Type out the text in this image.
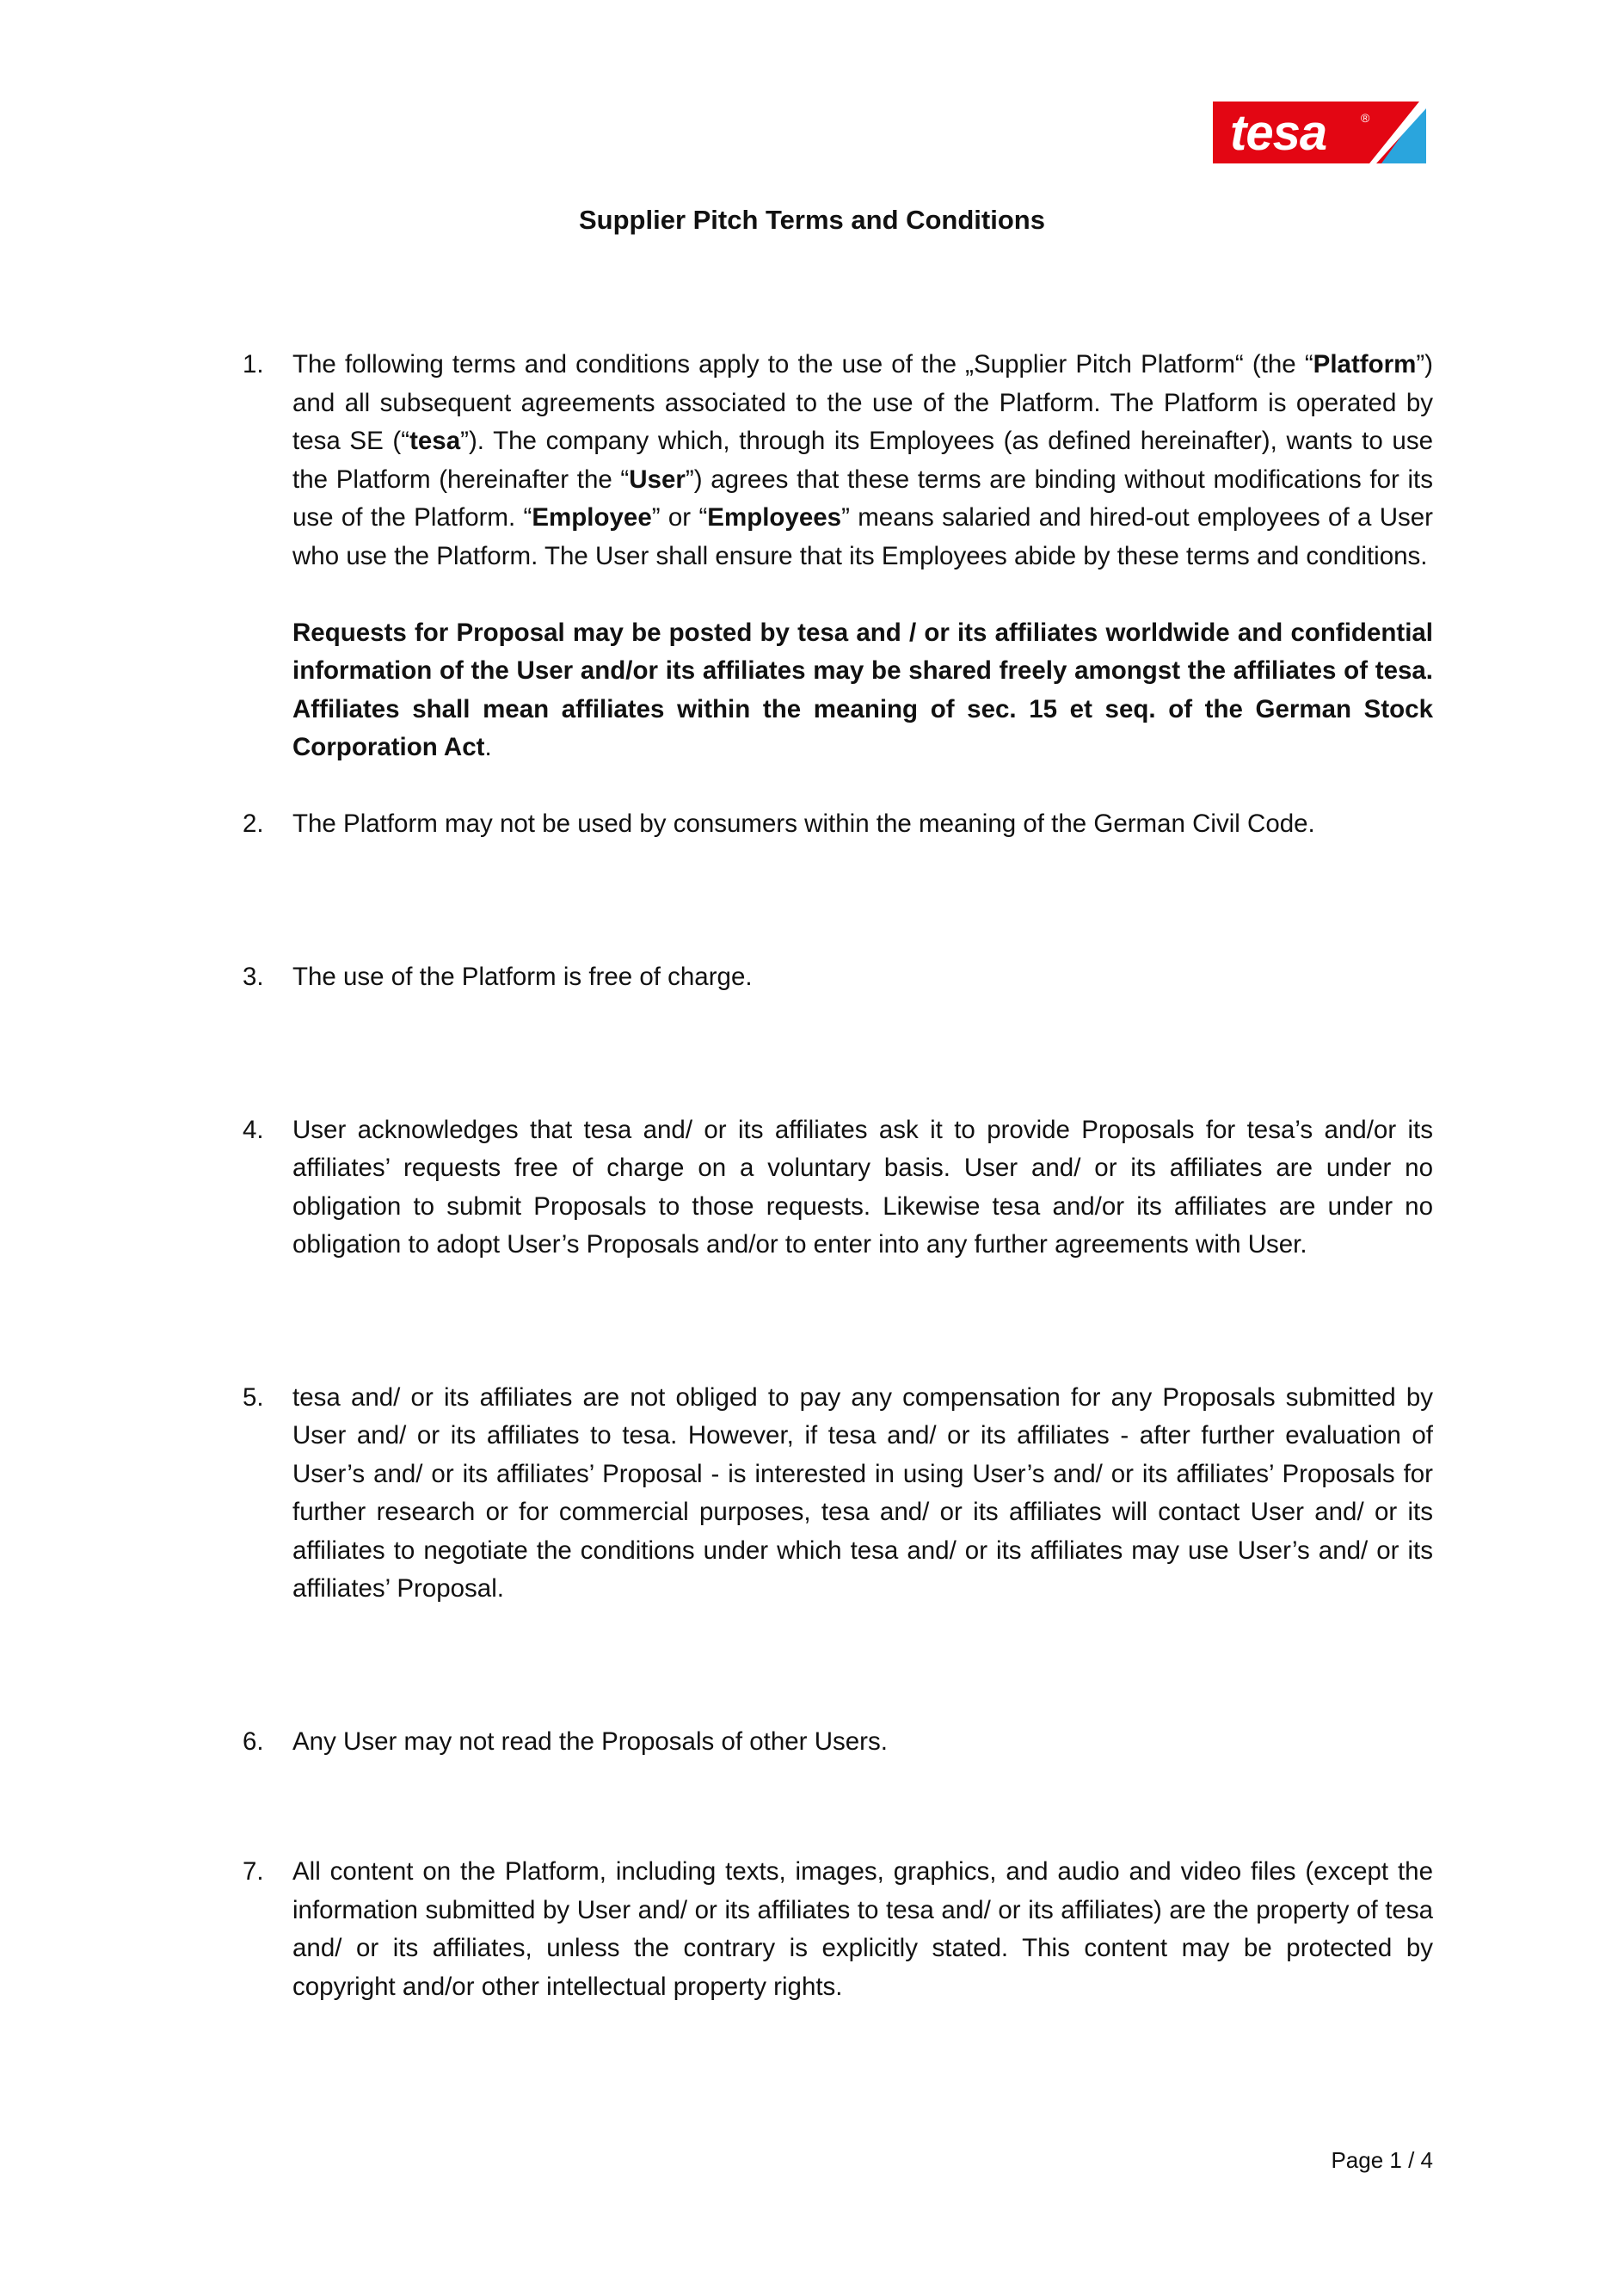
tesa	®
Supplier Pitch Terms and Conditions
1. The following terms and conditions apply to the use of the „Supplier Pitch Platform“ (the “Platform”) and all subsequent agreements associated to the use of the Platform. The Platform is operated by tesa SE (“tesa”). The company which, through its Employees (as defined hereinafter), wants to use the Platform (hereinafter the “User”) agrees that these terms are binding without modifications for its use of the Platform. “Employee” or “Employees” means salaried and hired-out employees of a User who use the Platform. The User shall ensure that its Employees abide by these terms and conditions.

Requests for Proposal may be posted by tesa and / or its affiliates worldwide and confidential information of the User and/or its affiliates may be shared freely amongst the affiliates of tesa. Affiliates shall mean affiliates within the meaning of sec. 15 et seq. of the German Stock Corporation Act.

2. The Platform may not be used by consumers within the meaning of the German Civil Code.

3. The use of the Platform is free of charge.

4. User acknowledges that tesa and/ or its affiliates ask it to provide Proposals for tesa’s and/or its affiliates’ requests free of charge on a voluntary basis. User and/ or its affiliates are under no obligation to submit Proposals to those requests. Likewise tesa and/or its affiliates are under no obligation to adopt User’s Proposals and/or to enter into any further agreements with User.

5. tesa and/ or its affiliates are not obliged to pay any compensation for any Proposals submitted by User and/ or its affiliates to tesa. However, if tesa and/ or its affiliates - after further evaluation of User’s and/ or its affiliates’ Proposal - is interested in using User’s and/ or its affiliates’ Proposals for further research or for commercial purposes, tesa and/ or its affiliates will contact User and/ or its affiliates to negotiate the conditions under which tesa and/ or its affiliates may use User’s and/ or its affiliates’ Proposal.

6. Any User may not read the Proposals of other Users.

7. All content on the Platform, including texts, images, graphics, and audio and video files (except the information submitted by User and/ or its affiliates to tesa and/ or its affiliates) are the property of tesa and/ or its affiliates, unless the contrary is explicitly stated. This content may be protected by copyright and/or other intellectual property rights.

Page 1 / 4
